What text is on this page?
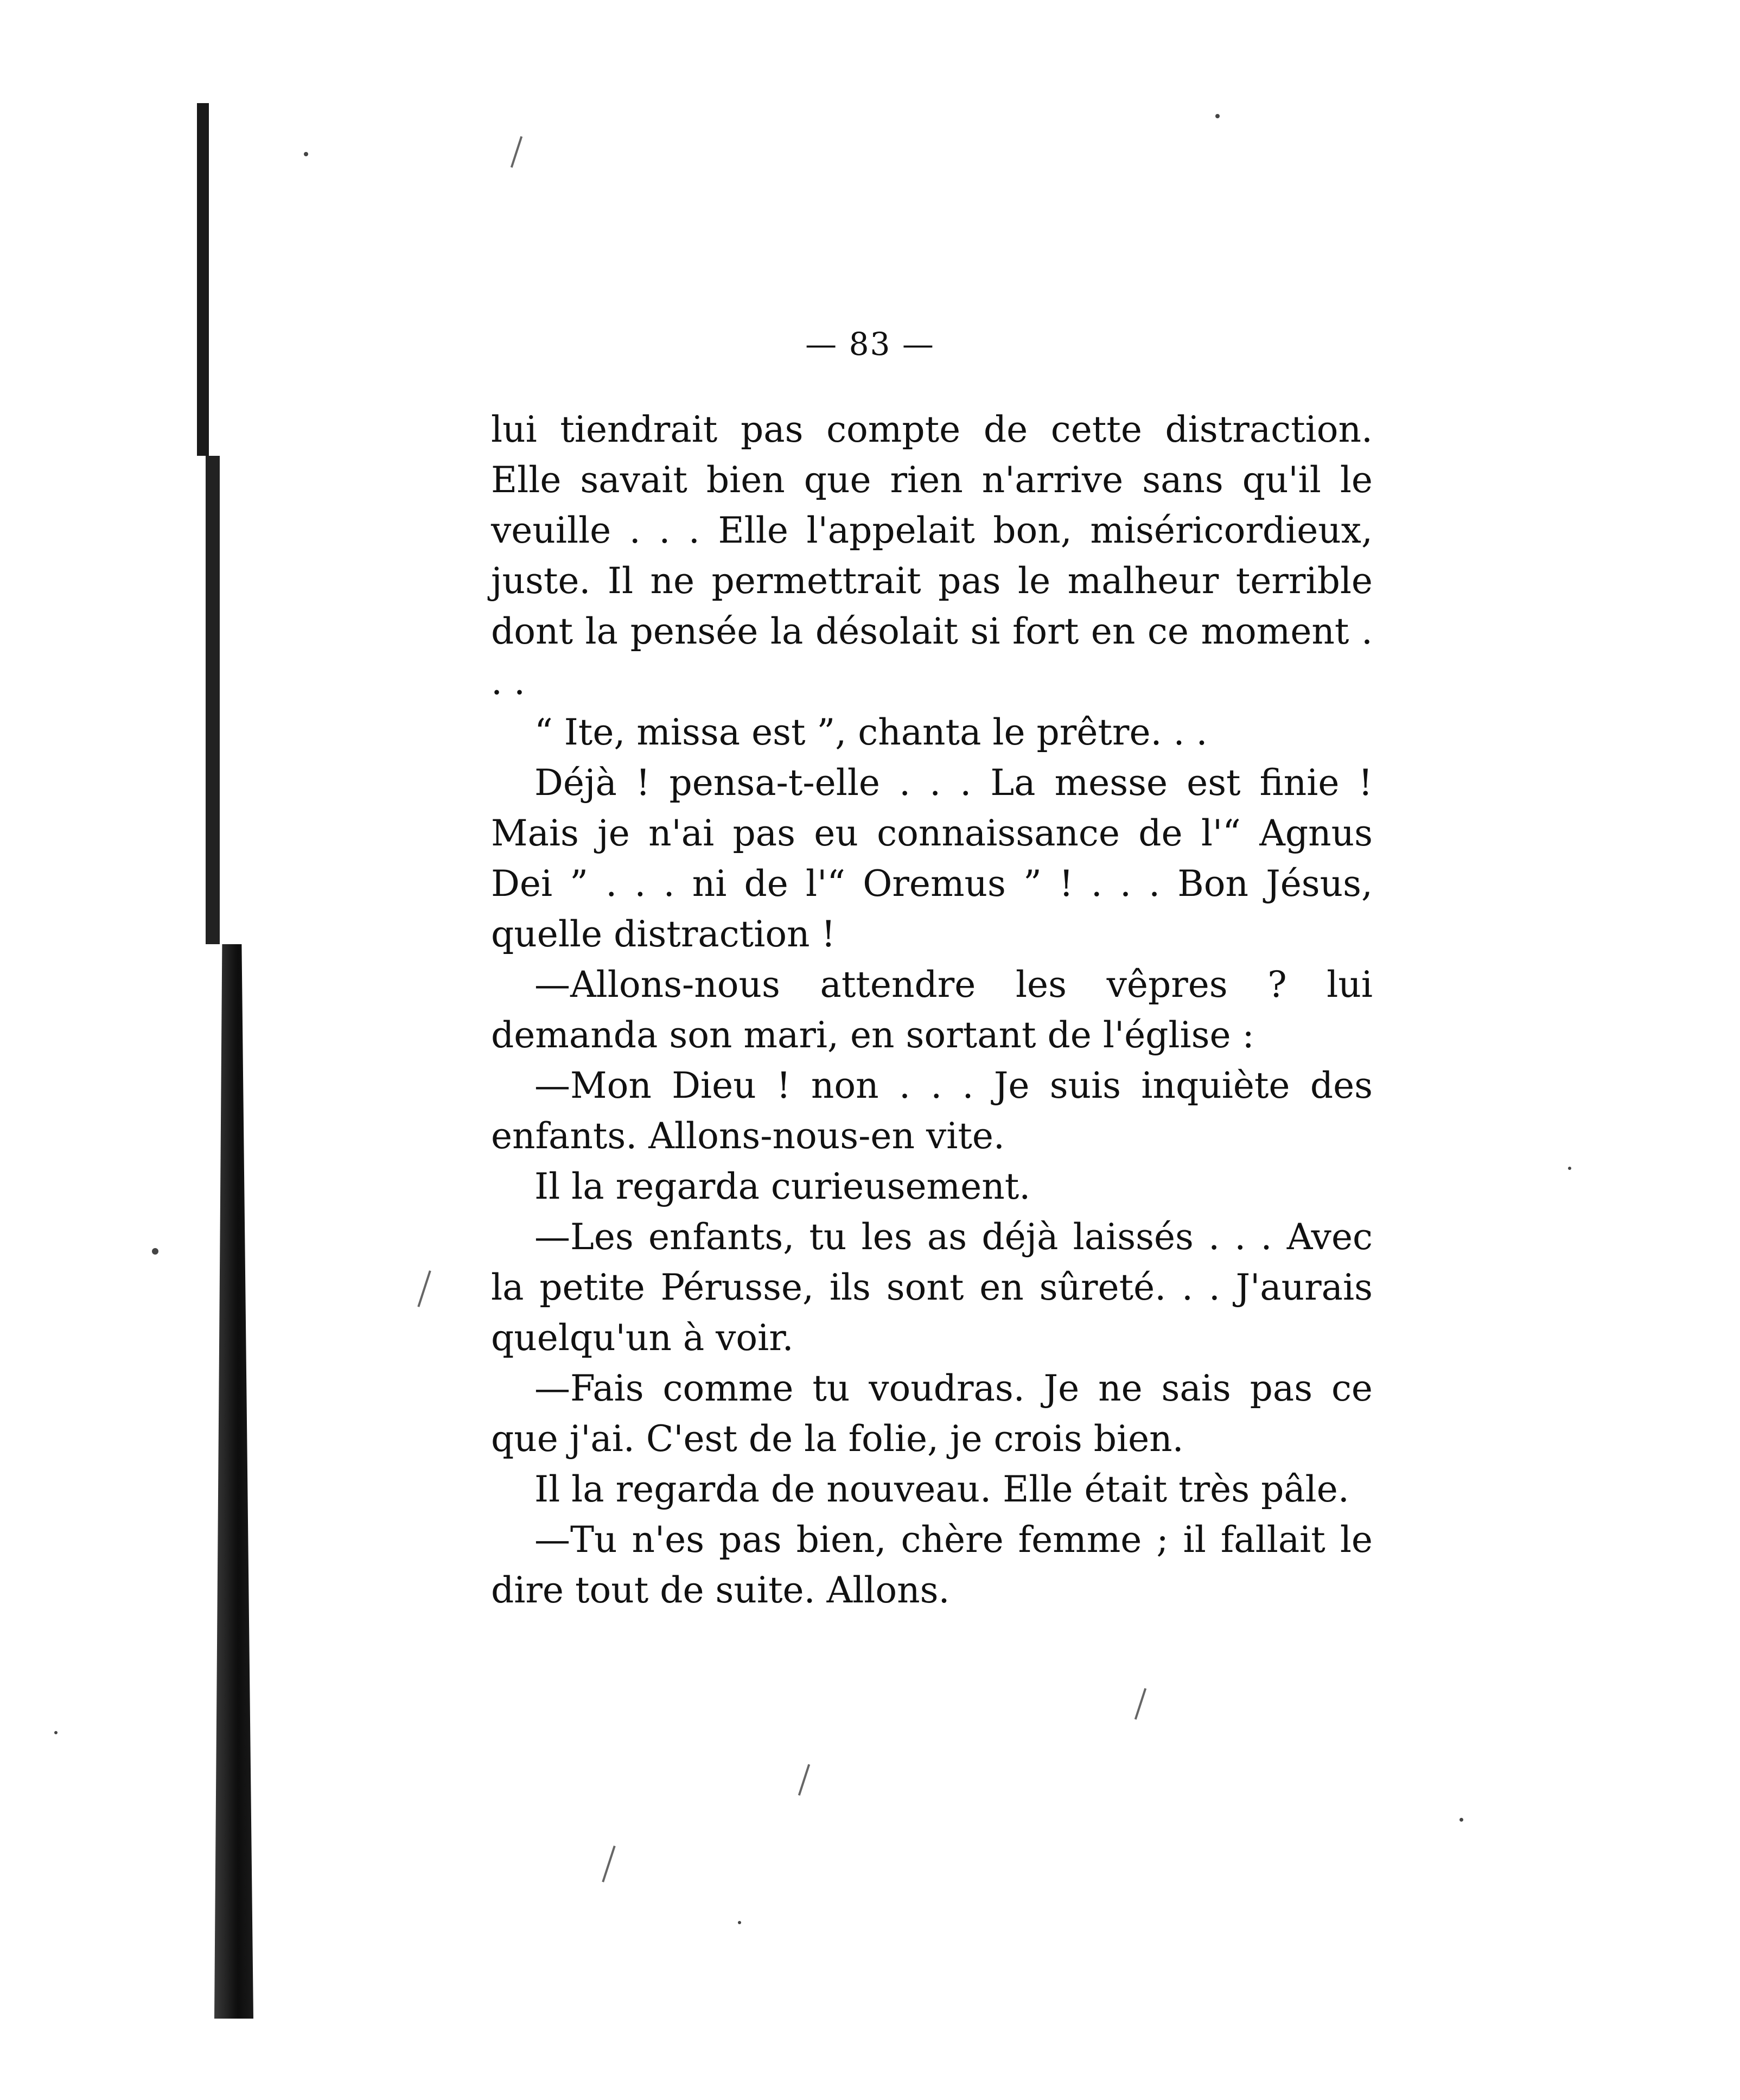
— 83 —

lui tiendrait pas compte de cette distraction. Elle savait bien que rien n'arrive sans qu'il le veuille . . . Elle l'appelait bon, miséricordieux, juste. Il ne permettrait pas le malheur terrible dont la pensée la désolait si fort en ce moment . . .

“ Ite, missa est ”, chanta le prêtre. . .

Déjà ! pensa-t-elle . . . La messe est finie ! Mais je n'ai pas eu connaissance de l'“ Agnus Dei ” . . . ni de l'“ Oremus ” ! . . . Bon Jésus, quelle distraction !

—Allons-nous attendre les vêpres ? lui demanda son mari, en sortant de l'église :

—Mon Dieu ! non . . . Je suis inquiète des enfants. Allons-nous-en vite.

Il la regarda curieusement.

—Les enfants, tu les as déjà laissés . . . Avec la petite Pérusse, ils sont en sûreté. . . J'aurais quelqu'un à voir.

—Fais comme tu voudras. Je ne sais pas ce que j'ai. C'est de la folie, je crois bien.

Il la regarda de nouveau. Elle était très pâle.

—Tu n'es pas bien, chère femme ; il fallait le dire tout de suite. Allons.
